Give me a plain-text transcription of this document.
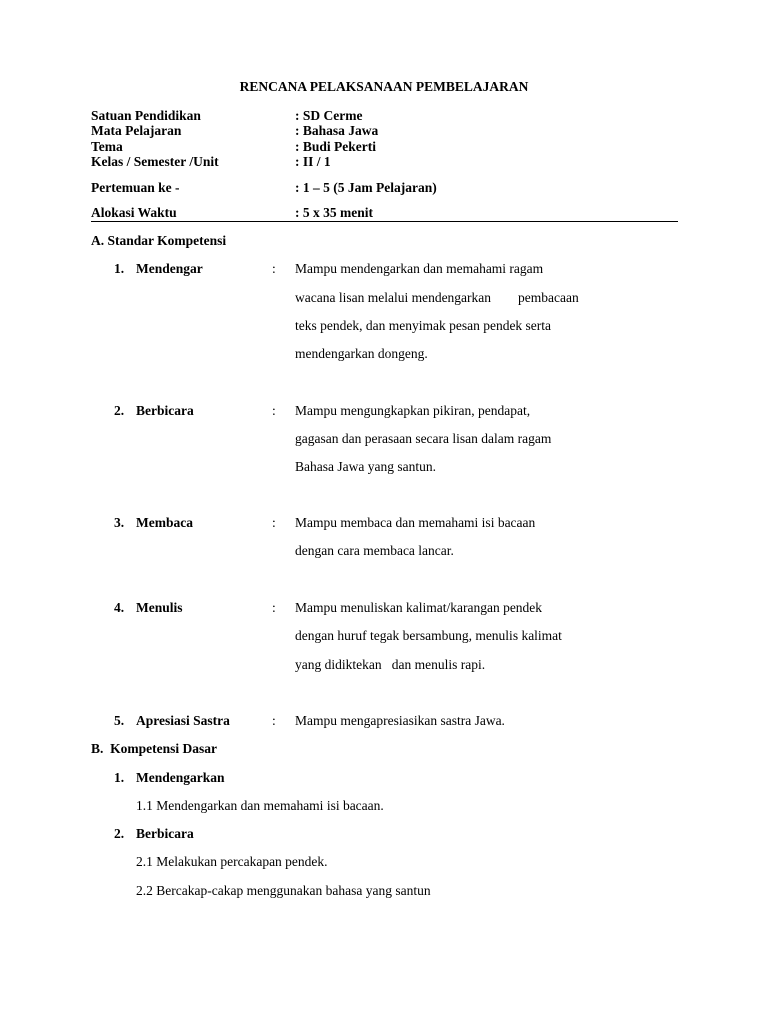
RENCANA PELAKSANAAN PEMBELAJARAN
Satuan Pendidikan	: SD Cerme
Mata Pelajaran	: Bahasa Jawa
Tema	: Budi Pekerti
Kelas / Semester /Unit	: II / 1
Pertemuan ke -	: 1 – 5 (5 Jam Pelajaran)
Alokasi Waktu	: 5 x 35 menit
A. Standar Kompetensi
1. Mendengar	: Mampu mendengarkan dan memahami ragam
wacana lisan melalui mendengarkan        pembacaan
teks pendek, dan menyimak pesan pendek serta
mendengarkan dongeng.
2. Berbicara	: Mampu mengungkapkan pikiran, pendapat,
gagasan dan perasaan secara lisan dalam ragam
Bahasa Jawa yang santun.
3. Membaca	: Mampu membaca dan memahami isi bacaan
dengan cara membaca lancar.
4. Menulis	: Mampu menuliskan kalimat/karangan pendek
dengan huruf tegak bersambung, menulis kalimat
yang didiktekan   dan menulis rapi.
5. Apresiasi Sastra	: Mampu mengapresiasikan sastra Jawa.
B.  Kompetensi Dasar
1. Mendengarkan
1.1 Mendengarkan dan memahami isi bacaan.
2. Berbicara
2.1 Melakukan percakapan pendek.
2.2 Bercakap-cakap menggunakan bahasa yang santun
